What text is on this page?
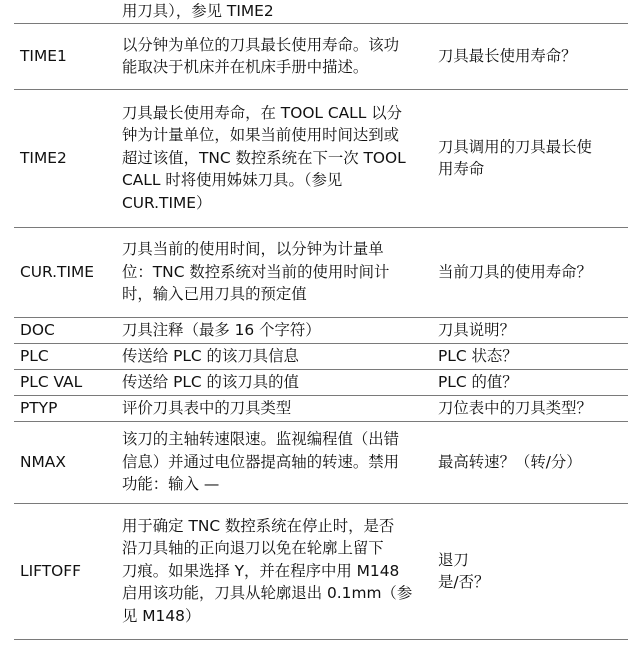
	用刀具），参见 TIME2	

TIME1	以分钟为单位的刀具最长使用寿命。该功
能取决于机床并在机床手册中描述。	刀具最长使用寿命？

TIME2	刀具最长使用寿命，在 TOOL CALL 以分
钟为计量单位，如果当前使用时间达到或
超过该值，TNC 数控系统在下一次 TOOL
CALL 时将使用姊妹刀具。（参见
CUR.TIME）	刀具调用的刀具最长使
用寿命

CUR.TIME	刀具当前的使用时间，以分钟为计量单
位：TNC 数控系统对当前的使用时间计
时，输入已用刀具的预定值	当前刀具的使用寿命？

DOC	刀具注释（最多 16 个字符）	刀具说明？

PLC	传送给 PLC 的该刀具信息	PLC 状态？

PLC VAL	传送给 PLC 的该刀具的值	PLC 的值？

PTYP	评价刀具表中的刀具类型	刀位表中的刀具类型？

NMAX	该刀的主轴转速限速。监视编程值（出错
信息）并通过电位器提高轴的转速。禁用
功能：输入 —	最高转速？（转/分）

LIFTOFF	用于确定 TNC 数控系统在停止时，是否
沿刀具轴的正向退刀以免在轮廓上留下
刀痕。如果选择 Y，并在程序中用 M148
启用该功能，刀具从轮廓退出 0.1mm（参
见 M148）	退刀
是/否？
